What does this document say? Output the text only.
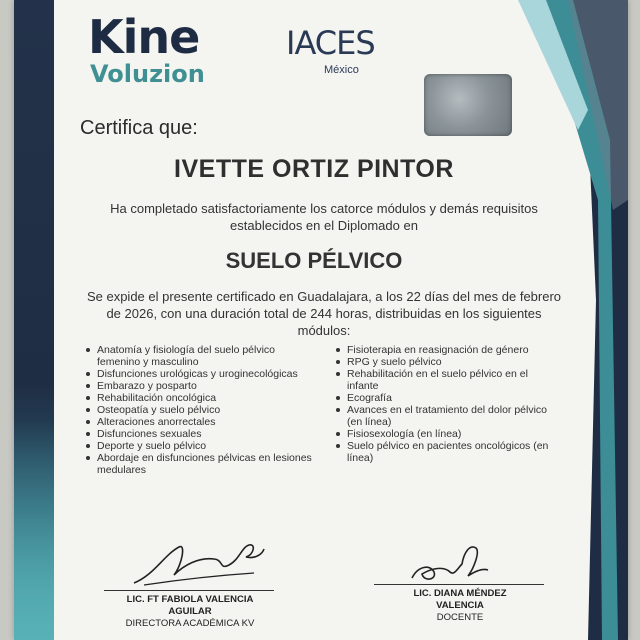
Kine
Voluzion
IACES
México
Certifica que:
IVETTE ORTIZ PINTOR
Ha completado satisfactoriamente los catorce módulos y demás requisitos establecidos en el Diplomado en
SUELO PÉLVICO
Se expide el presente certificado en Guadalajara, a los 22 días del mes de febrero de 2026, con una duración total de 244 horas, distribuidas en los siguientes módulos:
Anatomía y fisiología del suelo pélvico femenino y masculino
Disfunciones urológicas y uroginecológicas
Embarazo y posparto
Rehabilitación oncológica
Osteopatía y suelo pélvico
Alteraciones anorrectales
Disfunciones sexuales
Deporte y suelo pélvico
Abordaje en disfunciones pélvicas en lesiones medulares
Fisioterapia en reasignación de género
RPG y suelo pélvico
Rehabilitación en el suelo pélvico en el infante
Ecografía
Avances en el tratamiento del dolor pélvico (en línea)
Fisiosexología (en línea)
Suelo pélvico en pacientes oncológicos (en línea)
LIC. FT FABIOLA VALENCIA
AGUILAR
DIRECTORA ACADÉMICA KV
LIC. DIANA MÉNDEZ
VALENCIA
DOCENTE
